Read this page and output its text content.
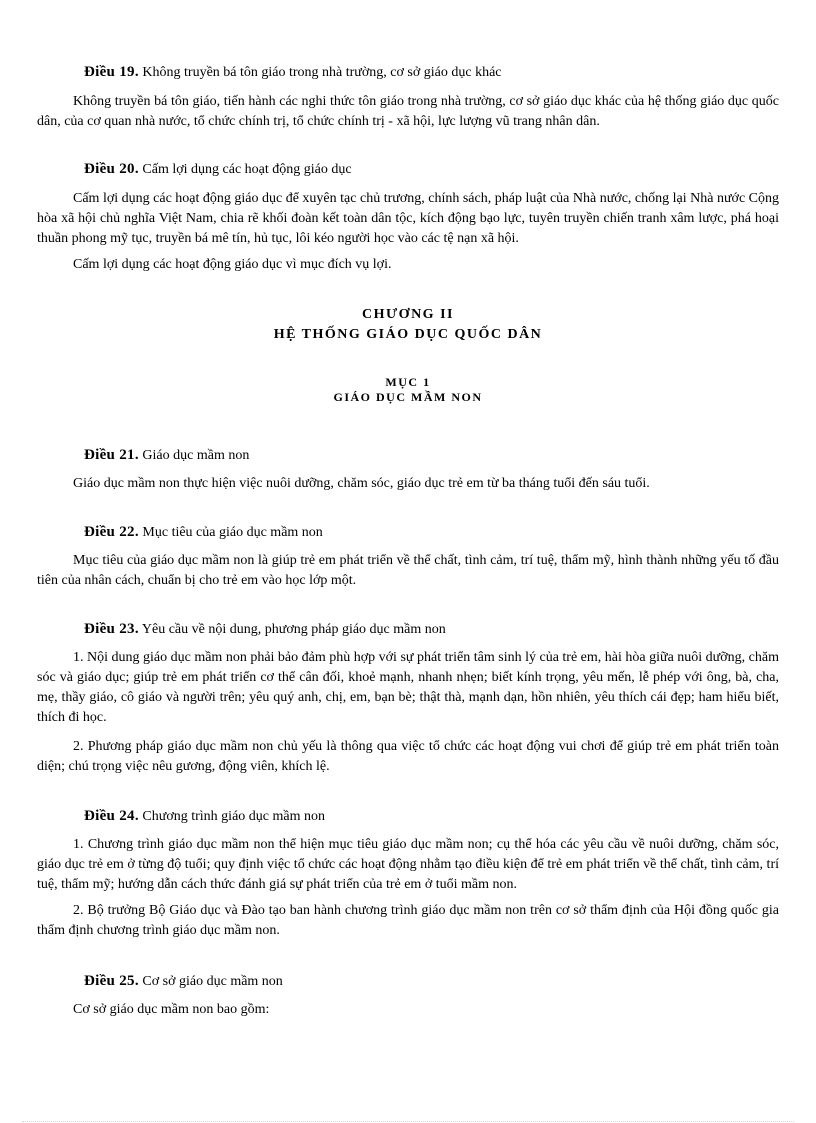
Điều 19. Không truyền bá tôn giáo trong nhà trường, cơ sở giáo dục khác

Không truyền bá tôn giáo, tiến hành các nghi thức tôn giáo trong nhà trường, cơ sở giáo dục khác của hệ thống giáo dục quốc dân, của cơ quan nhà nước, tổ chức chính trị, tổ chức chính trị - xã hội, lực lượng vũ trang nhân dân.

Điều 20. Cấm lợi dụng các hoạt động giáo dục

Cấm lợi dụng các hoạt động giáo dục để xuyên tạc chủ trương, chính sách, pháp luật của Nhà nước, chống lại Nhà nước Cộng hòa xã hội chủ nghĩa Việt Nam, chia rẽ khối đoàn kết toàn dân tộc, kích động bạo lực, tuyên truyền chiến tranh xâm lược, phá hoại thuần phong mỹ tục, truyền bá mê tín, hủ tục, lôi kéo người học vào các tệ nạn xã hội.

Cấm lợi dụng các hoạt động giáo dục vì mục đích vụ lợi.

CHƯƠNG II

HỆ THỐNG GIÁO DỤC QUỐC DÂN

MỤC 1

GIÁO DỤC MẦM NON

Điều 21. Giáo dục mầm non

Giáo dục mầm non thực hiện việc nuôi dưỡng, chăm sóc, giáo dục trẻ em từ ba tháng tuổi đến sáu tuổi.

Điều 22. Mục tiêu của giáo dục mầm non

Mục tiêu của giáo dục mầm non là giúp trẻ em phát triển về thể chất, tình cảm, trí tuệ, thẩm mỹ, hình thành những yếu tố đầu tiên của nhân cách, chuẩn bị cho trẻ em vào học lớp một.

Điều 23. Yêu cầu về nội dung, phương pháp giáo dục mầm non

1. Nội dung giáo dục mầm non phải bảo đảm phù hợp với sự phát triển tâm sinh lý của trẻ em, hài hòa giữa nuôi dưỡng, chăm sóc và giáo dục; giúp trẻ em phát triển cơ thể cân đối, khoẻ mạnh, nhanh nhẹn; biết kính trọng, yêu mến, lễ phép với ông, bà, cha, mẹ, thầy giáo, cô giáo và người trên; yêu quý anh, chị, em, bạn bè; thật thà, mạnh dạn, hồn nhiên, yêu thích cái đẹp; ham hiểu biết, thích đi học.

2. Phương pháp giáo dục mầm non chủ yếu là thông qua việc tổ chức các hoạt động vui chơi để giúp trẻ em phát triển toàn diện; chú trọng việc nêu gương, động viên, khích lệ.

Điều 24. Chương trình giáo dục mầm non

1. Chương trình giáo dục mầm non thể hiện mục tiêu giáo dục mầm non; cụ thể hóa các yêu cầu về nuôi dưỡng, chăm sóc, giáo dục trẻ em ở từng độ tuổi; quy định việc tổ chức các hoạt động nhằm tạo điều kiện để trẻ em phát triển về thể chất, tình cảm, trí tuệ, thẩm mỹ; hướng dẫn cách thức đánh giá sự phát triển của trẻ em ở tuổi mầm non.

2. Bộ trưởng Bộ Giáo dục và Đào tạo ban hành chương trình giáo dục mầm non trên cơ sở thẩm định của Hội đồng quốc gia thẩm định chương trình giáo dục mầm non.

Điều 25. Cơ sở giáo dục mầm non

Cơ sở giáo dục mầm non bao gồm:
